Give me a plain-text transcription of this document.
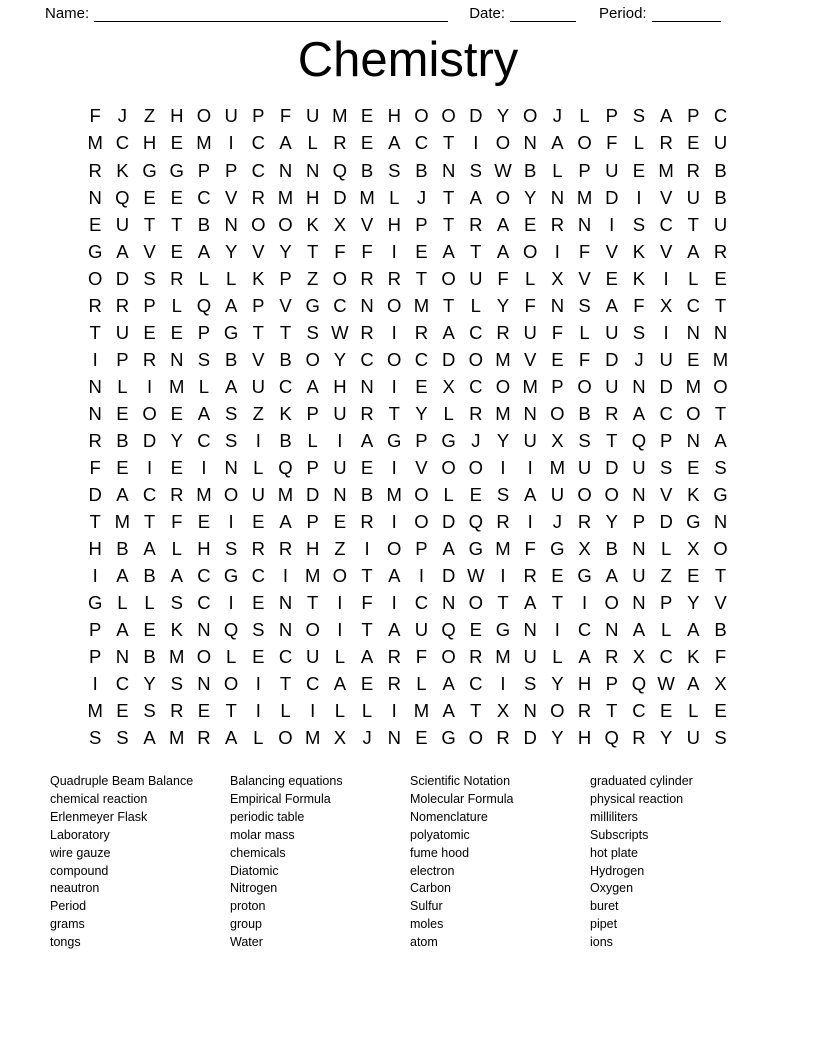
Name:	Date:	Period:
Chemistry
F J Z H O U P F U M E H O O D Y O J L P S A P C
M C H E M I C A L R E A C T	I O N A O F L R E U
R K G G P P C N N Q B S B N S W B L P U E M R B
N Q E E C V R M H D M L J T A O Y N M D I V U B
E U T T B N O O K X V H P T R A E R N I S C T U
G A V E A Y V Y T F F	I E A T A O I	F V K V A R
O D S R L L K P Z O R R T O U F L X V E K I	L E
R R P L Q A P V G C N O M T L Y F N S A F X C T
T U E E P G T T S W R I R A C R U F L U S I N N
I P R N S B V B O Y C O C D O M V E F D J U E M
N L	I M L A U C A H N I E X C O M P O U N D M O
N E O E A S Z K P U R T Y L R M N O B R A C O T
R B D Y C S I B L	I A G P G J Y U X S T Q P N A
F E I E I N L Q P U E I V O O I	I M U D U S E S
D A C R M O U M D N B M O L E S A U O O N V K G
T M T F E I E A P E R I O D Q R I	J R Y P D G N
H B A L H S R R H Z	I O P A G M F G X B N L X O
I A B A C G C I M O T A I D W I R E G A U Z E T
G L L S C I E N T	I	F	I C N O T A T	I O N P Y V
P A E K N Q S N O I	T A U Q E G N I C N A L A B
P N B M O L E C U L A R F O R M U L A R X C K F
I C Y S N O I	T C A E R L A C I S Y H P Q W A X
M E S R E T	I	L	I	L L	I M A T X N O R T C E L E
S S A M R A L O M X J N E G O R D Y H Q R Y U S
Quadruple Beam Balance
chemical reaction
Erlenmeyer Flask
Laboratory
wire gauze
compound
neautron
Period
grams
tongs
Balancing equations
Empirical Formula
periodic table
molar mass
chemicals
Diatomic
Nitrogen
proton
group
Water
Scientific Notation
Molecular Formula
Nomenclature
polyatomic
fume hood
electron
Carbon
Sulfur
moles
atom
graduated cylinder
physical reaction
milliliters
Subscripts
hot plate
Hydrogen
Oxygen
buret
pipet
ions
